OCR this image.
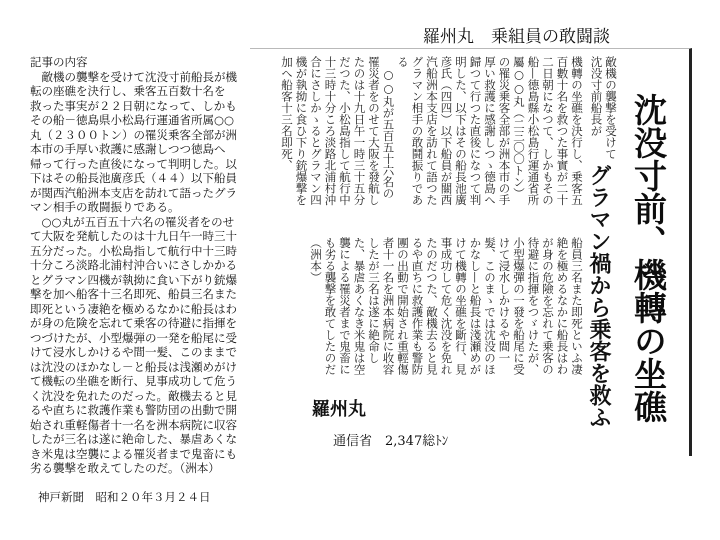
羅州丸　乗組員の敢闘談
記事の内容
　敵機の襲撃を受けて沈没寸前船長が機
転の座礁を決行し、乗客五百数十名を
救った事実が２２日朝になって、しかも
その船－徳島県小松島行運通省所属○○
丸（２３００トン）の罹災乗客全部が洲
本市の手厚い救護に感謝しつつ徳島へ
帰って行った直後になって判明した。以
下はその船長池廣彦氏（４４）以下船員
が関西汽船洲本支店を訪れて語ったグラ
マン相手の敢闘振りである。
　○○丸が五百五十六名の罹災者をのせ
て大阪を発航したのは十九日午一時三十
五分だった。小松島指して航行中十三時
十分ころ淡路北浦村沖合いにさしかかる
とグラマン四機が執拗に食い下がり銃爆
撃を加へ船客十三名即死、船員三名また
即死という凄絶を極めるなかに船長はわ
が身の危険を忘れて乗客の待避に指揮を
つづけたが、小型爆弾の一発を船尾に受
けて浸水しかけるや間一髪、このままで
は沈没のほかなし－と船長は浅瀬めがけ
て機転の坐礁を断行、見事成功して危う
く沈没を免れたのだった。敵機去ると見
るや直ちに救護作業も警防団の出動で開
始され重軽傷者十一名を洲本病院に収容
したが三名は遂に絶命した、暴虐あくな
き米鬼は空襲による罹災者まで鬼畜にも
劣る襲撃を敢えてしたのだ。（洲本）
神戸新聞　昭和２０年３月２４日
沈没寸前、機轉の坐礁
グラマン禍から乗客を救ふ
敵機の襲撃を受けて沈没寸前船長が
機轉の坐礁を決行し、乗客五百數十名を救つた事實が二十二日朝になつて、しかもその船—德島縣小松島行運通省所屬○○丸（二三〇〇トン）の罹災乗客全部が洲本市の手厚い救護に感謝しつゝ德島へ歸つて行つた直後になつて判明した、以下はその船長池廣彦氏（四四）以下船員が關西汽船洲本支店を訪れて語つたグラマン相手の敢鬪振りである
　○○丸が五百五十六名の罹災者をのせて大阪を發航したのは十九日午一時三十五分だつた、小松島指して航行中十三時十分ころ淡路北浦村沖合にさしかゝるとグラマン四機が執拗に食ひ下り銃爆撃を加へ船客十三名即死、
船員三名また即死といふ凄絶を極めるなかに船長はわが身の危險を忘れて乗客の待避に指揮をつゞけたが、小型爆彈の一發を船尾に受けて浸水しかけるや間一髮、このまゝでは沈没のほかなし—と船長は淺瀬めがけて機轉の坐礁を斷行、見事成功して危く沈没を免れたのだつた、敵機去ると見るや直ちに救護作業も警防團の出動で開始され重輕傷者十一名を洲本病院に收容したが三名は遂に絶命した、暴虐あくなき米鬼は空襲による罹災者まで鬼畜にも劣る襲撃を敢てしたのだ（洲本）
羅州丸
通信省　2,347総ﾄﾝ
